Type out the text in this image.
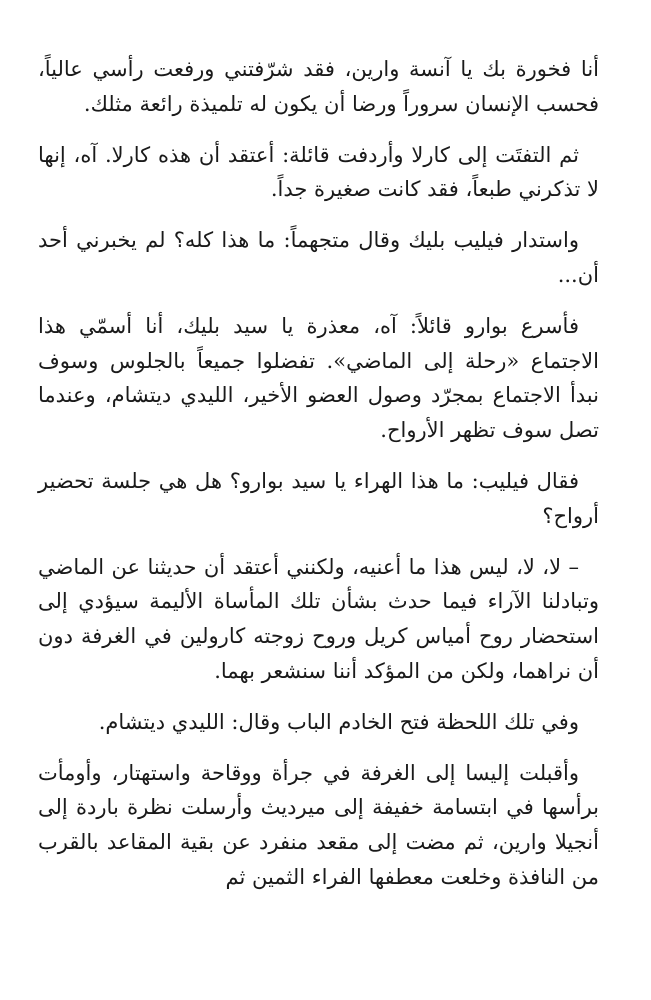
أنا فخورة بك يا آنسة وارين، فقد شرّفتني ورفعت رأسي عالياً، فحسب الإنسان سروراً ورضا أن يكون له تلميذة رائعة مثلك.

ثم التفتَت إلى كارلا وأردفت قائلة: أعتقد أن هذه كارلا. آه، إنها لا تذكرني طبعاً، فقد كانت صغيرة جداً.

واستدار فيليب بليك وقال متجهماً: ما هذا كله؟ لم يخبرني أحد أن...

فأسرع بوارو قائلاً: آه، معذرة يا سيد بليك، أنا أسمّي هذا الاجتماع «رحلة إلى الماضي». تفضلوا جميعاً بالجلوس وسوف نبدأ الاجتماع بمجرّد وصول العضو الأخير، الليدي ديتشام، وعندما تصل سوف تظهر الأرواح.

فقال فيليب: ما هذا الهراء يا سيد بوارو؟ هل هي جلسة تحضير أرواح؟

– لا، لا، ليس هذا ما أعنيه، ولكنني أعتقد أن حديثنا عن الماضي وتبادلنا الآراء فيما حدث بشأن تلك المأساة الأليمة سيؤدي إلى استحضار روح أمياس كريل وروح زوجته كارولين في الغرفة دون أن نراهما، ولكن من المؤكد أننا سنشعر بهما.

وفي تلك اللحظة فتح الخادم الباب وقال: الليدي ديتشام.

وأقبلت إليسا إلى الغرفة في جرأة ووقاحة واستهتار، وأومأت برأسها في ابتسامة خفيفة إلى ميرديث وأرسلت نظرة باردة إلى أنجيلا وارين، ثم مضت إلى مقعد منفرد عن بقية المقاعد بالقرب من النافذة وخلعت معطفها الفراء الثمين ثم
